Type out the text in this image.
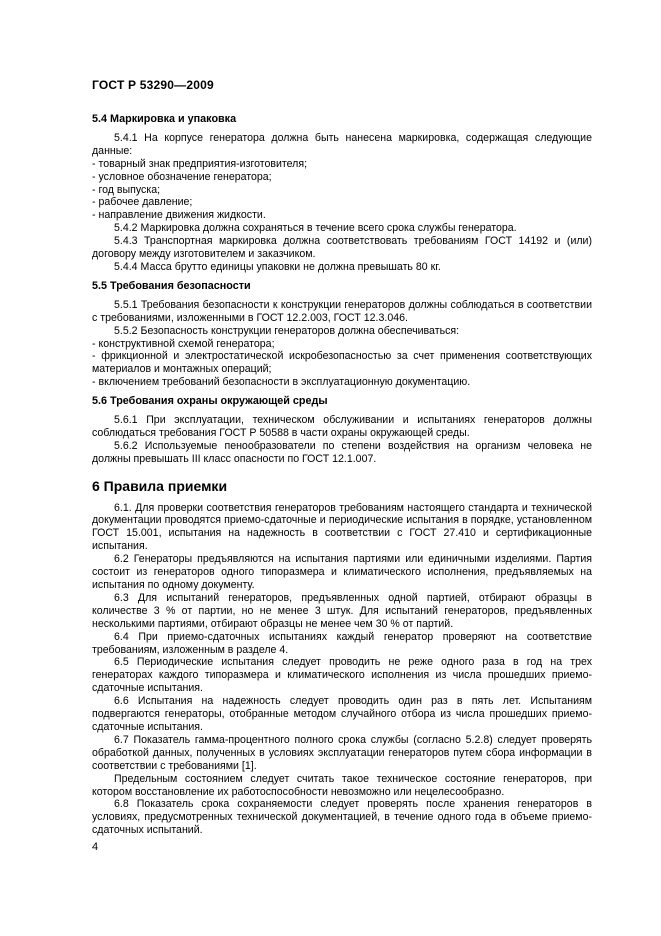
ГОСТ Р 53290—2009
5.4 Маркировка и упаковка

5.4.1 На корпусе генератора должна быть нанесена маркировка, содержащая следующие данные:

- товарный знак предприятия-изготовителя;

- условное обозначение генератора;

- год выпуска;

- рабочее давление;

- направление движения жидкости.

5.4.2 Маркировка должна сохраняться в течение всего срока службы генератора.

5.4.3 Транспортная маркировка должна соответствовать требованиям ГОСТ 14192 и (или) договору между изготовителем и заказчиком.

5.4.4 Масса брутто единицы упаковки не должна превышать 80 кг.

5.5 Требования безопасности

5.5.1 Требования безопасности к конструкции генераторов должны соблюдаться в соответствии с требованиями, изложенными в ГОСТ 12.2.003, ГОСТ 12.3.046.

5.5.2 Безопасность конструкции генераторов должна обеспечиваться:

- конструктивной схемой генератора;

- фрикционной и электростатической искробезопасностью за счет применения соответствующих материалов и монтажных операций;

- включением требований безопасности в эксплуатационную документацию.

5.6 Требования охраны окружающей среды

5.6.1 При эксплуатации, техническом обслуживании и испытаниях генераторов должны соблюдаться требования ГОСТ Р 50588 в части охраны окружающей среды.

5.6.2 Используемые пенообразователи по степени воздействия на организм человека не должны превышать III класс опасности по ГОСТ 12.1.007.

6 Правила приемки

6.1. Для проверки соответствия генераторов требованиям настоящего стандарта и технической документации проводятся приемо-сдаточные и периодические испытания в порядке, установленном ГОСТ 15.001, испытания на надежность в соответствии с ГОСТ 27.410 и сертификационные испытания.

6.2 Генераторы предъявляются на испытания партиями или единичными изделиями. Партия состоит из генераторов одного типоразмера и климатического исполнения, предъявляемых на испытания по одному документу.

6.3 Для испытаний генераторов, предъявленных одной партией, отбирают образцы в количестве 3 % от партии, но не менее 3 штук. Для испытаний генераторов, предъявленных несколькими партиями, отбирают образцы не менее чем 30 % от партий.

6.4 При приемо-сдаточных испытаниях каждый генератор проверяют на соответствие требованиям, изложенным в разделе 4.

6.5 Периодические испытания следует проводить не реже одного раза в год на трех генераторах каждого типоразмера и климатического исполнения из числа прошедших приемо-сдаточные испытания.

6.6 Испытания на надежность следует проводить один раз в пять лет. Испытаниям подвергаются генераторы, отобранные методом случайного отбора из числа прошедших приемо-сдаточные испытания.

6.7 Показатель гамма-процентного полного срока службы (согласно 5.2.8) следует проверять обработкой данных, полученных в условиях эксплуатации генераторов путем сбора информации в соответствии с требованиями [1].

Предельным состоянием следует считать такое техническое состояние генераторов, при котором восстановление их работоспособности невозможно или нецелесообразно.

6.8 Показатель срока сохраняемости следует проверять после хранения генераторов в условиях, предусмотренных технической документацией, в течение одного года в объеме приемо-сдаточных испытаний.

4
